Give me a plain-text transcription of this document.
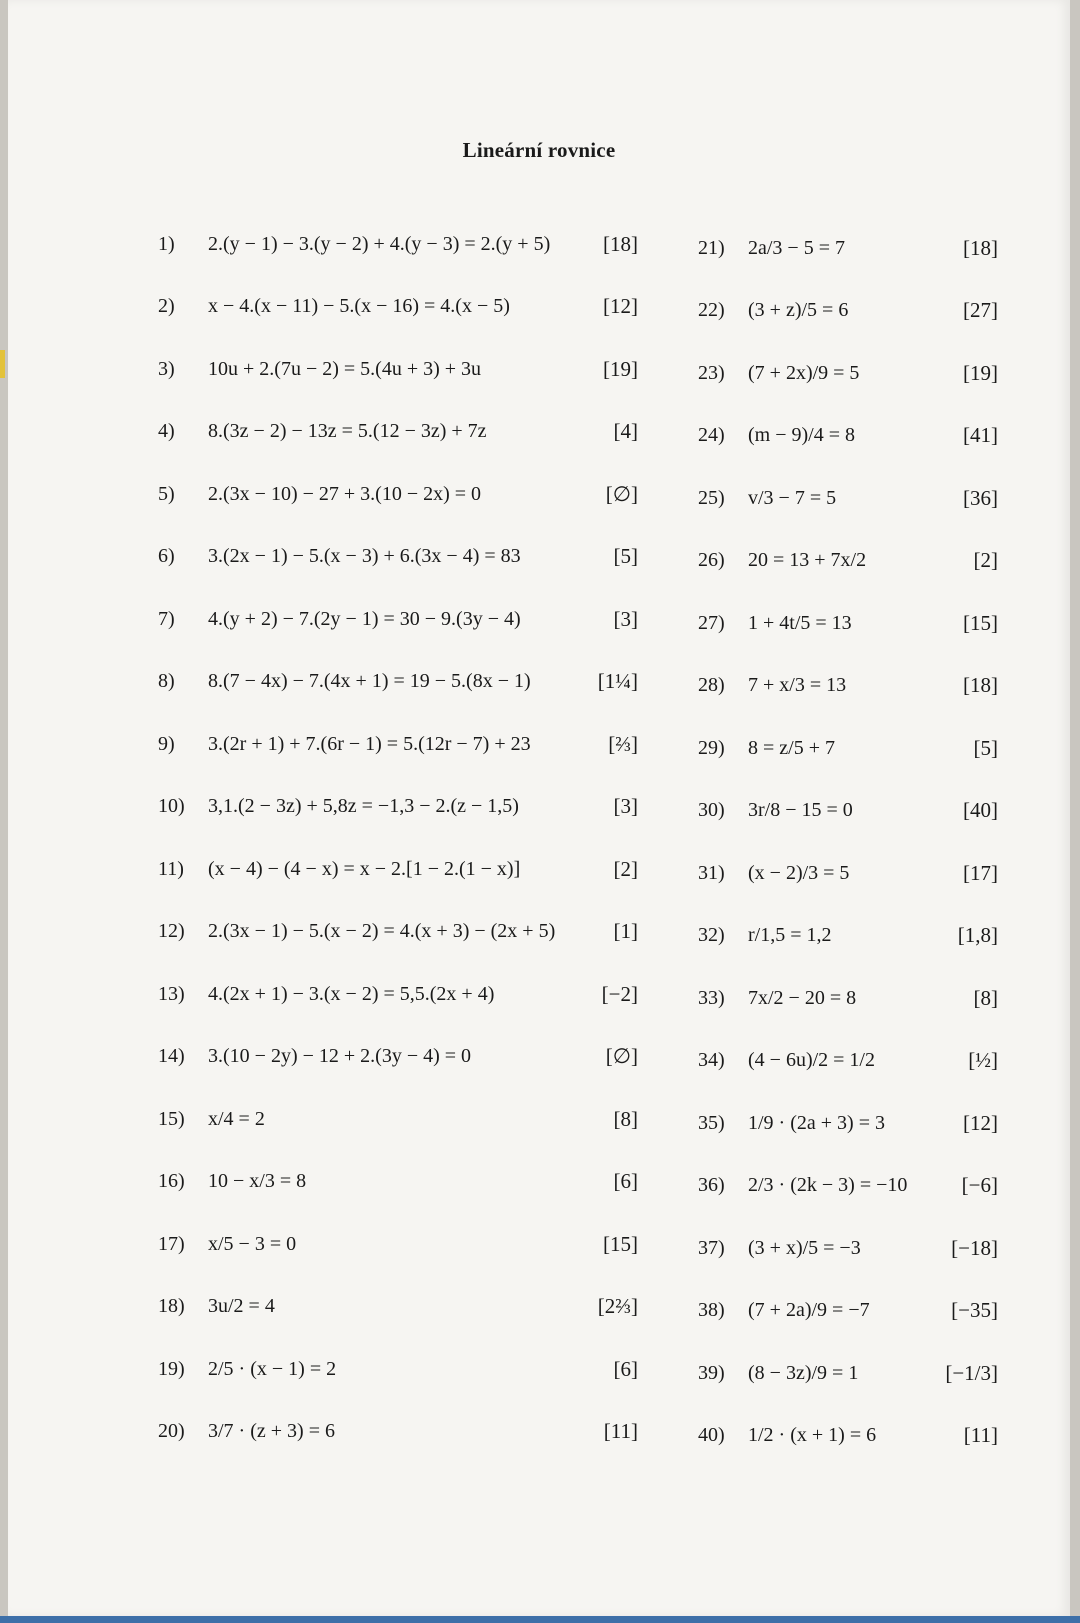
Lineární rovnice
1)	2.(y − 1) − 3.(y − 2) + 4.(y − 3) = 2.(y + 5)	[18]
2)	x − 4.(x − 11) − 5.(x − 16) = 4.(x − 5)	[12]
3)	10u + 2.(7u − 2) = 5.(4u + 3) + 3u	[19]
4)	8.(3z − 2) − 13z = 5.(12 − 3z) + 7z	[4]
5)	2.(3x − 10) − 27 + 3.(10 − 2x) = 0	[∅]
6)	3.(2x − 1) − 5.(x − 3) + 6.(3x − 4) = 83	[5]
7)	4.(y + 2) − 7.(2y − 1) = 30 − 9.(3y − 4)	[3]
8)	8.(7 − 4x) − 7.(4x + 1) = 19 − 5.(8x − 1)	[1¼]
9)	3.(2r + 1) + 7.(6r − 1) = 5.(12r − 7) + 23	[⅔]
10)	3,1.(2 − 3z) + 5,8z = −1,3 − 2.(z − 1,5)	[3]
11)	(x − 4) − (4 − x) = x − 2.[1 − 2.(1 − x)]	[2]
12)	2.(3x − 1) − 5.(x − 2) = 4.(x + 3) − (2x + 5)	[1]
13)	4.(2x + 1) − 3.(x − 2) = 5,5.(2x + 4)	[−2]
14)	3.(10 − 2y) − 12 + 2.(3y − 4) = 0	[∅]
15)	x/4 = 2	[8]
16)	10 − x/3 = 8	[6]
17)	x/5 − 3 = 0	[15]
18)	3u/2 = 4	[2⅔]
19)	2/5 · (x − 1) = 2	[6]
20)	3/7 · (z + 3) = 6	[11]
21)	2a/3 − 5 = 7	[18]
22)	(3 + z)/5 = 6	[27]
23)	(7 + 2x)/9 = 5	[19]
24)	(m − 9)/4 = 8	[41]
25)	v/3 − 7 = 5	[36]
26)	20 = 13 + 7x/2	[2]
27)	1 + 4t/5 = 13	[15]
28)	7 + x/3 = 13	[18]
29)	8 = z/5 + 7	[5]
30)	3r/8 − 15 = 0	[40]
31)	(x − 2)/3 = 5	[17]
32)	r/1,5 = 1,2	[1,8]
33)	7x/2 − 20 = 8	[8]
34)	(4 − 6u)/2 = 1/2	[½]
35)	1/9 · (2a + 3) = 3	[12]
36)	2/3 · (2k − 3) = −10	[−6]
37)	(3 + x)/5 = −3	[−18]
38)	(7 + 2a)/9 = −7	[−35]
39)	(8 − 3z)/9 = 1	[−1/3]
40)	1/2 · (x + 1) = 6	[11]
